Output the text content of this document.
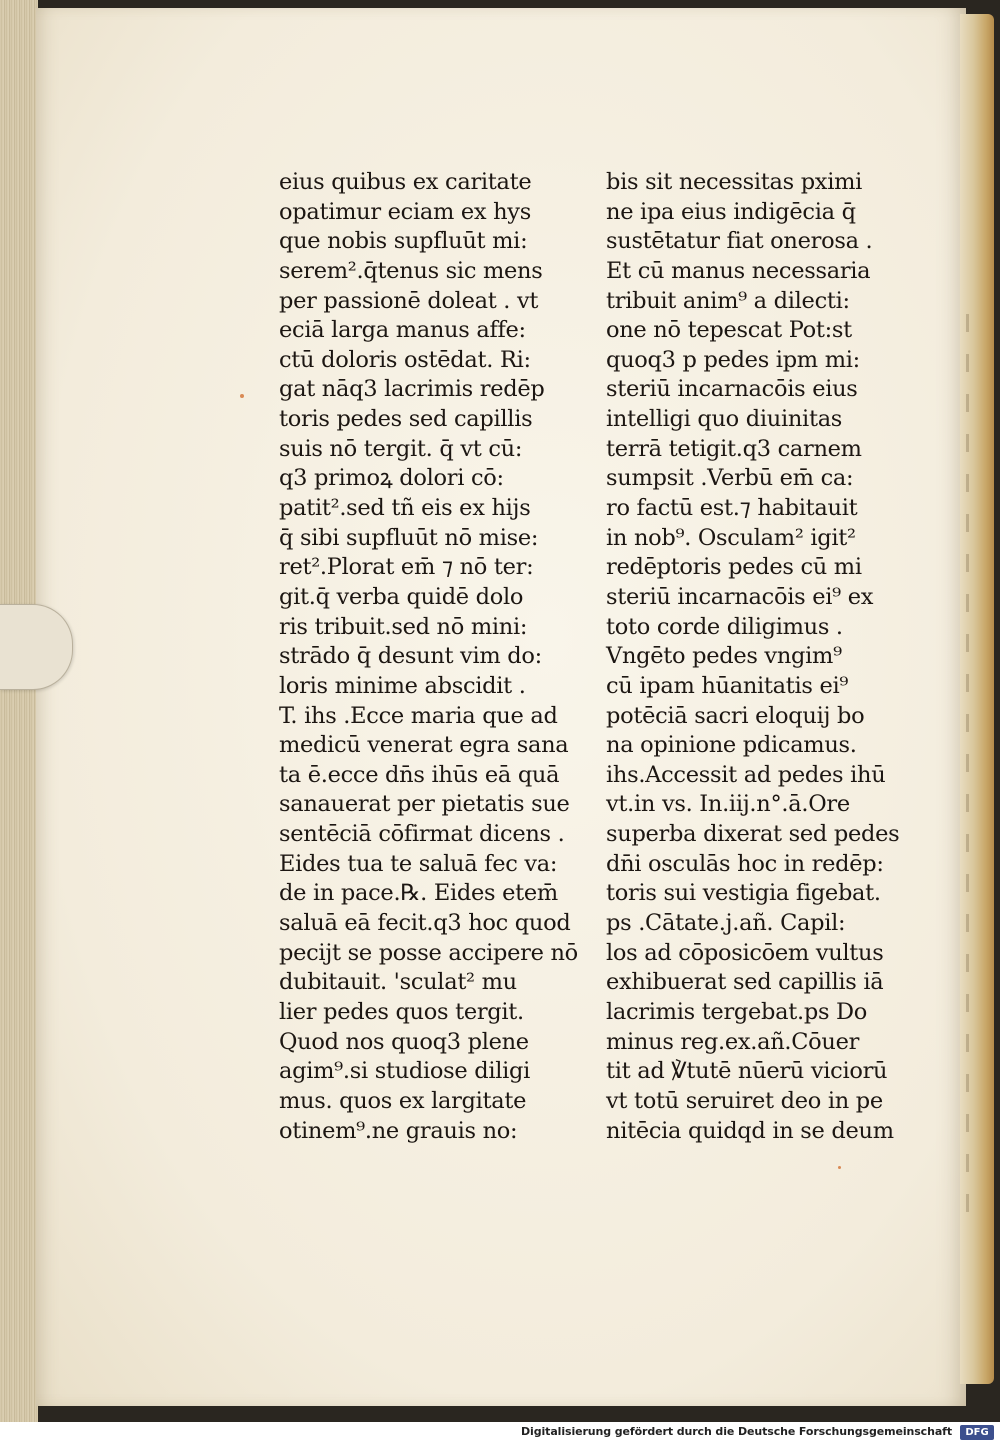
eius quibus ex caritate
opatimur eciam ex hys
que nobis supfluūt mi:
serem².q̄tenus sic mens
per passionē doleat . vt
eciā larga manus affe:
ctū doloris ostēdat. Ri:
gat nāq3 lacrimis redēp
toris pedes sed capillis
suis nō tergit. q̄ vt cū:
q3 primoꝝ dolori cō:
patit².sed tñ eis ex hijs
q̄ sibi supfluūt nō mise:
ret².Plorat em̄ ⁊ nō ter:
git.q̄ verba quidē dolo
ris tribuit.sed nō mini:
strādo q̄ desunt vim do:
loris minime abscidit .
T. ihs .Ecce maria que ad
medicū venerat egra sana
ta ē.ecce dn̄s ihūs eā quā
sanauerat per pietatis sue
sentēciā cōfirmat dicens .
Eides tua te saluā fec va:
de in pace.℞. Eides etem̄
saluā eā fecit.q3 hoc quod
pecijt se posse accipere nō
dubitauit. 'sculat² mu
lier pedes quos tergit.
Quod nos quoq3 plene
agim⁹.si studiose diligi
mus. quos ex largitate
otinem⁹.ne grauis no:
bis sit necessitas pximi
ne ipa eius indigēcia q̄
sustētatur fiat onerosa .
Et cū manus necessaria
tribuit anim⁹ a dilecti:
one nō tepescat Pot:st
quoq3 p pedes ipm mi:
steriū incarnacōis eius
intelligi quo diuinitas
terrā tetigit.q3 carnem
sumpsit .Verbū em̄ ca:
ro factū est.⁊ habitauit
in nob⁹. Osculam² igit²
redēptoris pedes cū mi
steriū incarnacōis ei⁹ ex
toto corde diligimus .
Vngēto pedes vngim⁹
cū ipam hūanitatis ei⁹
potēciā sacri eloquij bo
na opinione pdicamus.
ihs.Accessit ad pedes ihū
vt.in vs. In.iij.n°.ā.Ore
superba dixerat sed pedes
dn̄i osculās hoc in redēp:
toris sui vestigia figebat.
ps .Cātate.j.añ. Capil:
los ad cōposicōem vultus
exhibuerat sed capillis iā
lacrimis tergebat.ps Do
minus reg.ex.añ.Cōuer
tit ad ℣tutē nūerū viciorū
vt totū seruiret deo in pe
nitēcia quidqd in se deum
Digitalisierung gefördert durch die Deutsche Forschungsgemeinschaft	DFG
